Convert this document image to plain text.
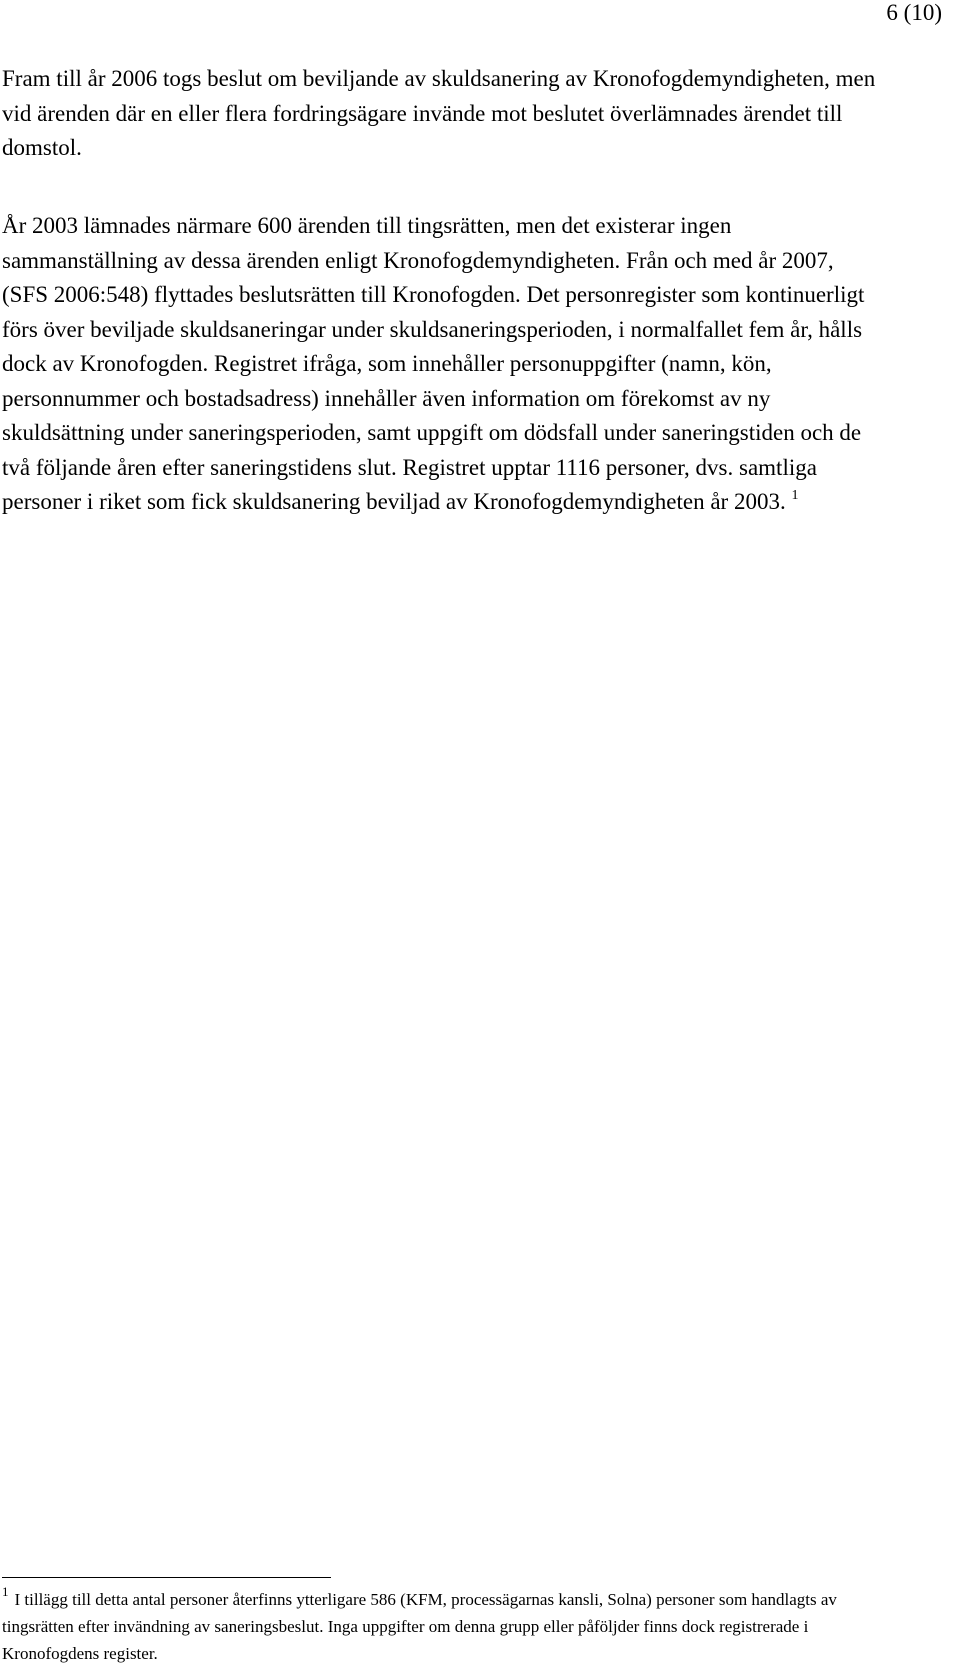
6 (10)

Fram till år 2006 togs beslut om beviljande av skuldsanering av Kronofogdemyndigheten, men vid ärenden där en eller flera fordringsägare invände mot beslutet överlämnades ärendet till domstol.

År 2003 lämnades närmare 600 ärenden till tingsrätten, men det existerar ingen sammanställning av dessa ärenden enligt Kronofogdemyndigheten. Från och med år 2007, (SFS 2006:548) flyttades beslutsrätten till Kronofogden. Det personregister som kontinuerligt förs över beviljade skuldsaneringar under skuldsaneringsperioden, i normalfallet fem år, hålls dock av Kronofogden. Registret ifråga, som innehåller personuppgifter (namn, kön, personnummer och bostadsadress) innehåller även information om förekomst av ny skuldsättning under saneringsperioden, samt uppgift om dödsfall under saneringstiden och de två följande åren efter saneringstidens slut. Registret upptar 1116 personer, dvs. samtliga personer i riket som fick skuldsanering beviljad av Kronofogdemyndigheten år 2003. $^1$

$^1$ I tillägg till detta antal personer återfinns ytterligare 586 (KFM, processägarnas kansli, Solna) personer som handlagts av tingsrätten efter invändning av saneringsbeslut. Inga uppgifter om denna grupp eller påföljder finns dock registrerade i Kronofogdens register.
